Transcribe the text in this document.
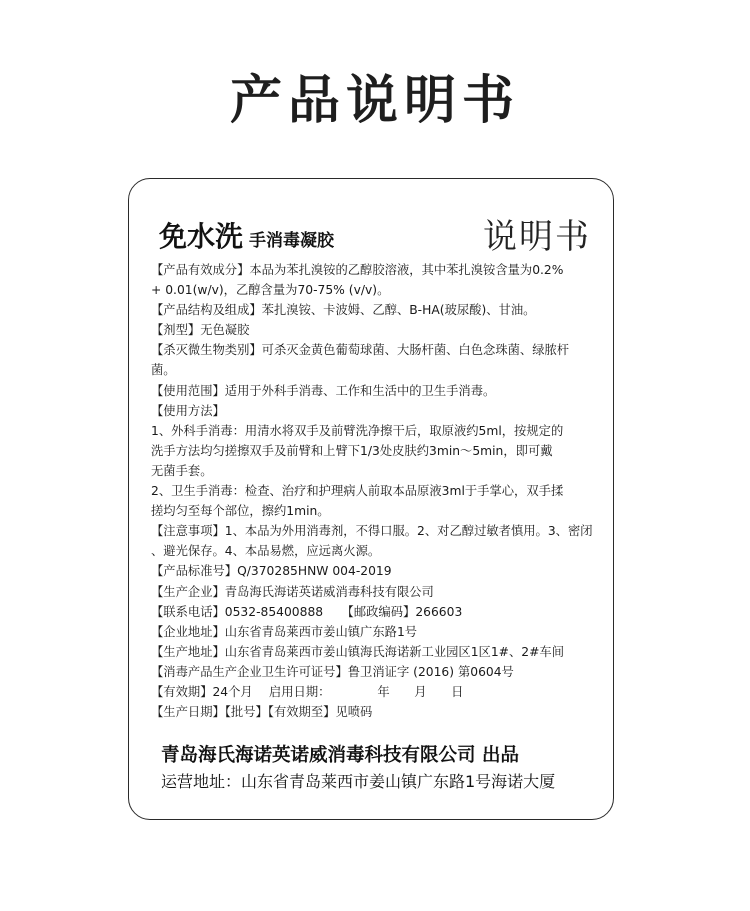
产品说明书
免水洗 手消毒凝胶	说明书
【产品有效成分】本品为苯扎溴铵的乙醇胶溶液，其中苯扎溴铵含量为0.2%
+ 0.01(w/v)，乙醇含量为70-75% (v/v)。
【产品结构及组成】苯扎溴铵、卡波姆、乙醇、B-HA(玻尿酸)、甘油。
【剂型】无色凝胶
【杀灭微生物类别】可杀灭金黄色葡萄球菌、大肠杆菌、白色念珠菌、绿脓杆
菌。
【使用范围】适用于外科手消毒、工作和生活中的卫生手消毒。
【使用方法】
1、外科手消毒：用清水将双手及前臂洗净擦干后，取原液约5ml，按规定的
洗手方法均匀搓擦双手及前臂和上臂下1/3处皮肤约3min～5min，即可戴
无菌手套。
2、卫生手消毒：检查、治疗和护理病人前取本品原液3ml于手掌心，双手揉
搓均匀至每个部位，擦约1min。
【注意事项】1、本品为外用消毒剂，不得口服。2、对乙醇过敏者慎用。3、密闭
、避光保存。4、本品易燃，应远离火源。
【产品标准号】Q/370285HNW 004-2019
【生产企业】青岛海氏海诺英诺威消毒科技有限公司
【联系电话】0532-85400888　　【邮政编码】266603
【企业地址】山东省青岛莱西市姜山镇广东路1号
【生产地址】山东省青岛莱西市姜山镇海氏海诺新工业园区1区1#、2#车间
【消毒产品生产企业卫生许可证号】鲁卫消证字 (2016) 第0604号
【有效期】24个月　 启用日期：　　　　 年　　月　　日
【生产日期】【批号】【有效期至】见喷码
青岛海氏海诺英诺威消毒科技有限公司 出品
运营地址：山东省青岛莱西市姜山镇广东路1号海诺大厦
